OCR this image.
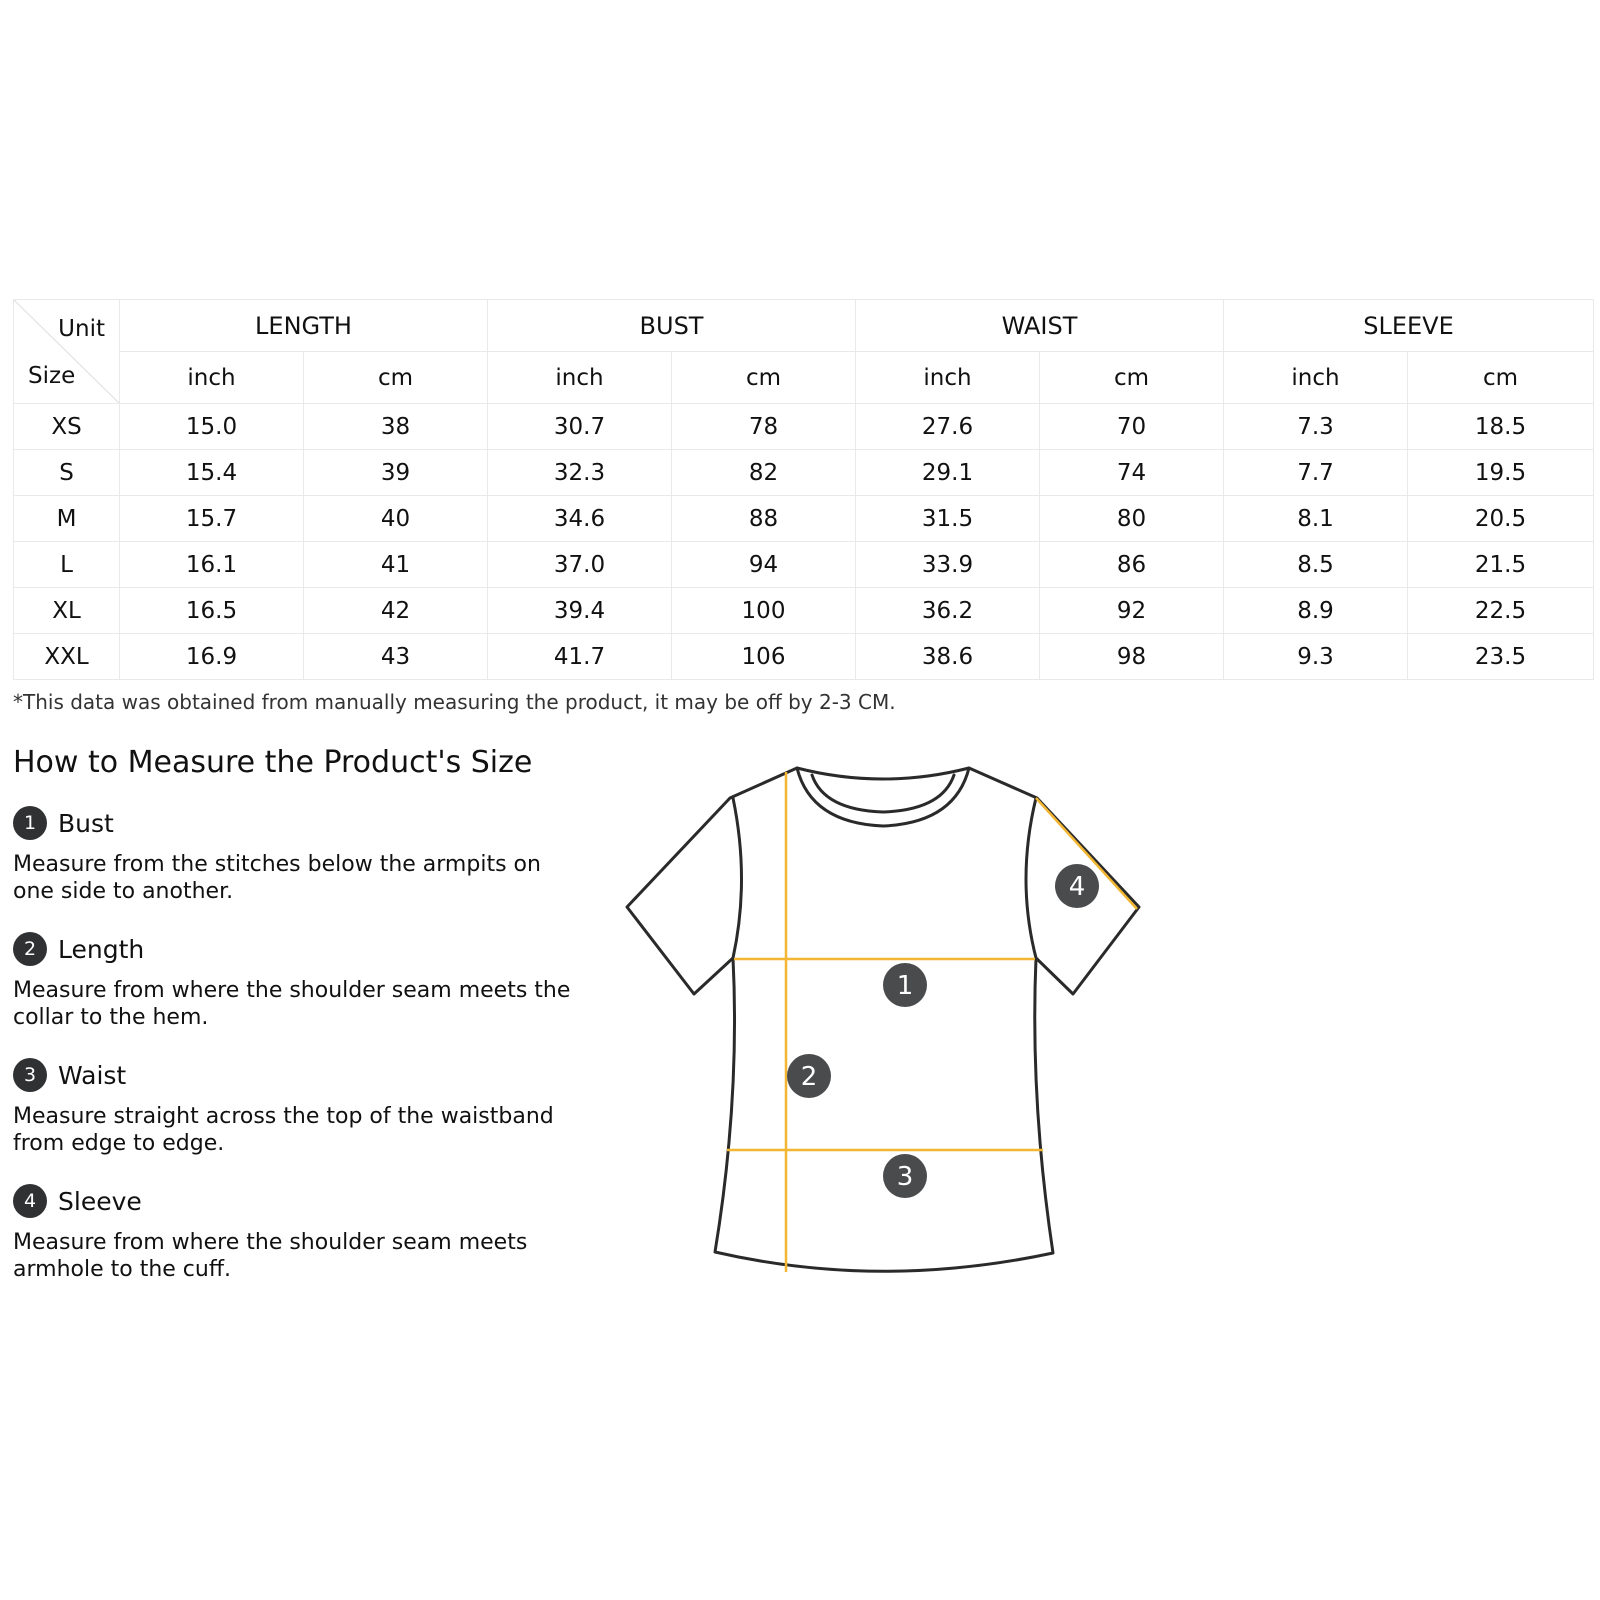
Unit
Size	LENGTH		BUST		WAIST		SLEEVE	
	inch	cm	inch	cm	inch	cm	inch	cm
XS	15.0	38	30.7	78	27.6	70	7.3	18.5
S	15.4	39	32.3	82	29.1	74	7.7	19.5
M	15.7	40	34.6	88	31.5	80	8.1	20.5
L	16.1	41	37.0	94	33.9	86	8.5	21.5
XL	16.5	42	39.4	100	36.2	92	8.9	22.5
XXL	16.9	43	41.7	106	38.6	98	9.3	23.5
*This data was obtained from manually measuring the product, it may be off by 2-3 CM.
How to Measure the Product's Size
1 Bust
Measure from the stitches below the armpits on one side to another.
2 Length
Measure from where the shoulder seam meets the collar to the hem.
3 Waist
Measure straight across the top of the waistband from edge to edge.
4 Sleeve
Measure from where the shoulder seam meets armhole to the cuff.
1
2
3
4
